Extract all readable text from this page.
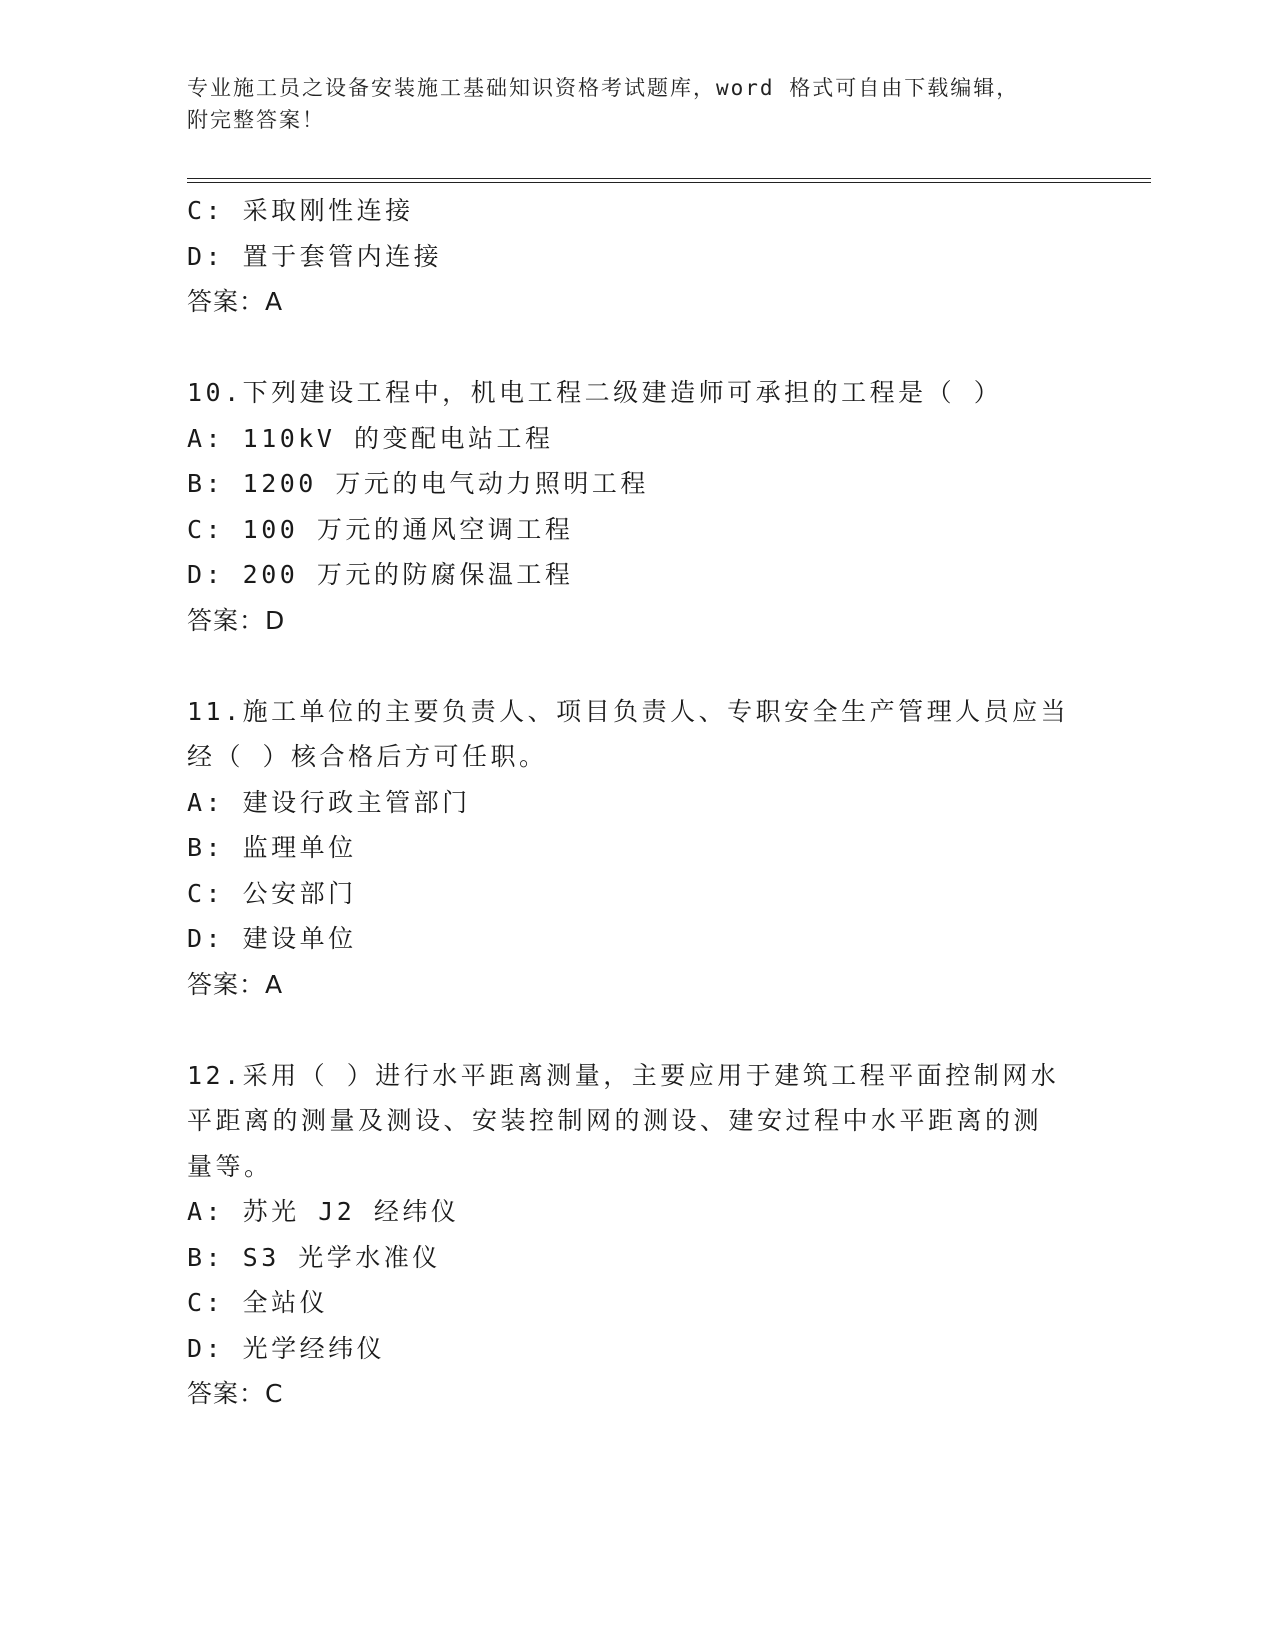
专业施工员之设备安装施工基础知识资格考试题库，word 格式可自由下载编辑，
附完整答案！
C: 采取刚性连接
D: 置于套管内连接
答案：A
10.下列建设工程中，机电工程二级建造师可承担的工程是（ ）
A: 110kV 的变配电站工程
B: 1200 万元的电气动力照明工程
C: 100 万元的通风空调工程
D: 200 万元的防腐保温工程
答案：D
11.施工单位的主要负责人、项目负责人、专职安全生产管理人员应当
经（ ）核合格后方可任职。
A: 建设行政主管部门
B: 监理单位
C: 公安部门
D: 建设单位
答案：A
12.采用（ ）进行水平距离测量，主要应用于建筑工程平面控制网水
平距离的测量及测设、安装控制网的测设、建安过程中水平距离的测
量等。
A: 苏光 J2 经纬仪
B: S3 光学水准仪
C: 全站仪
D: 光学经纬仪
答案：C
